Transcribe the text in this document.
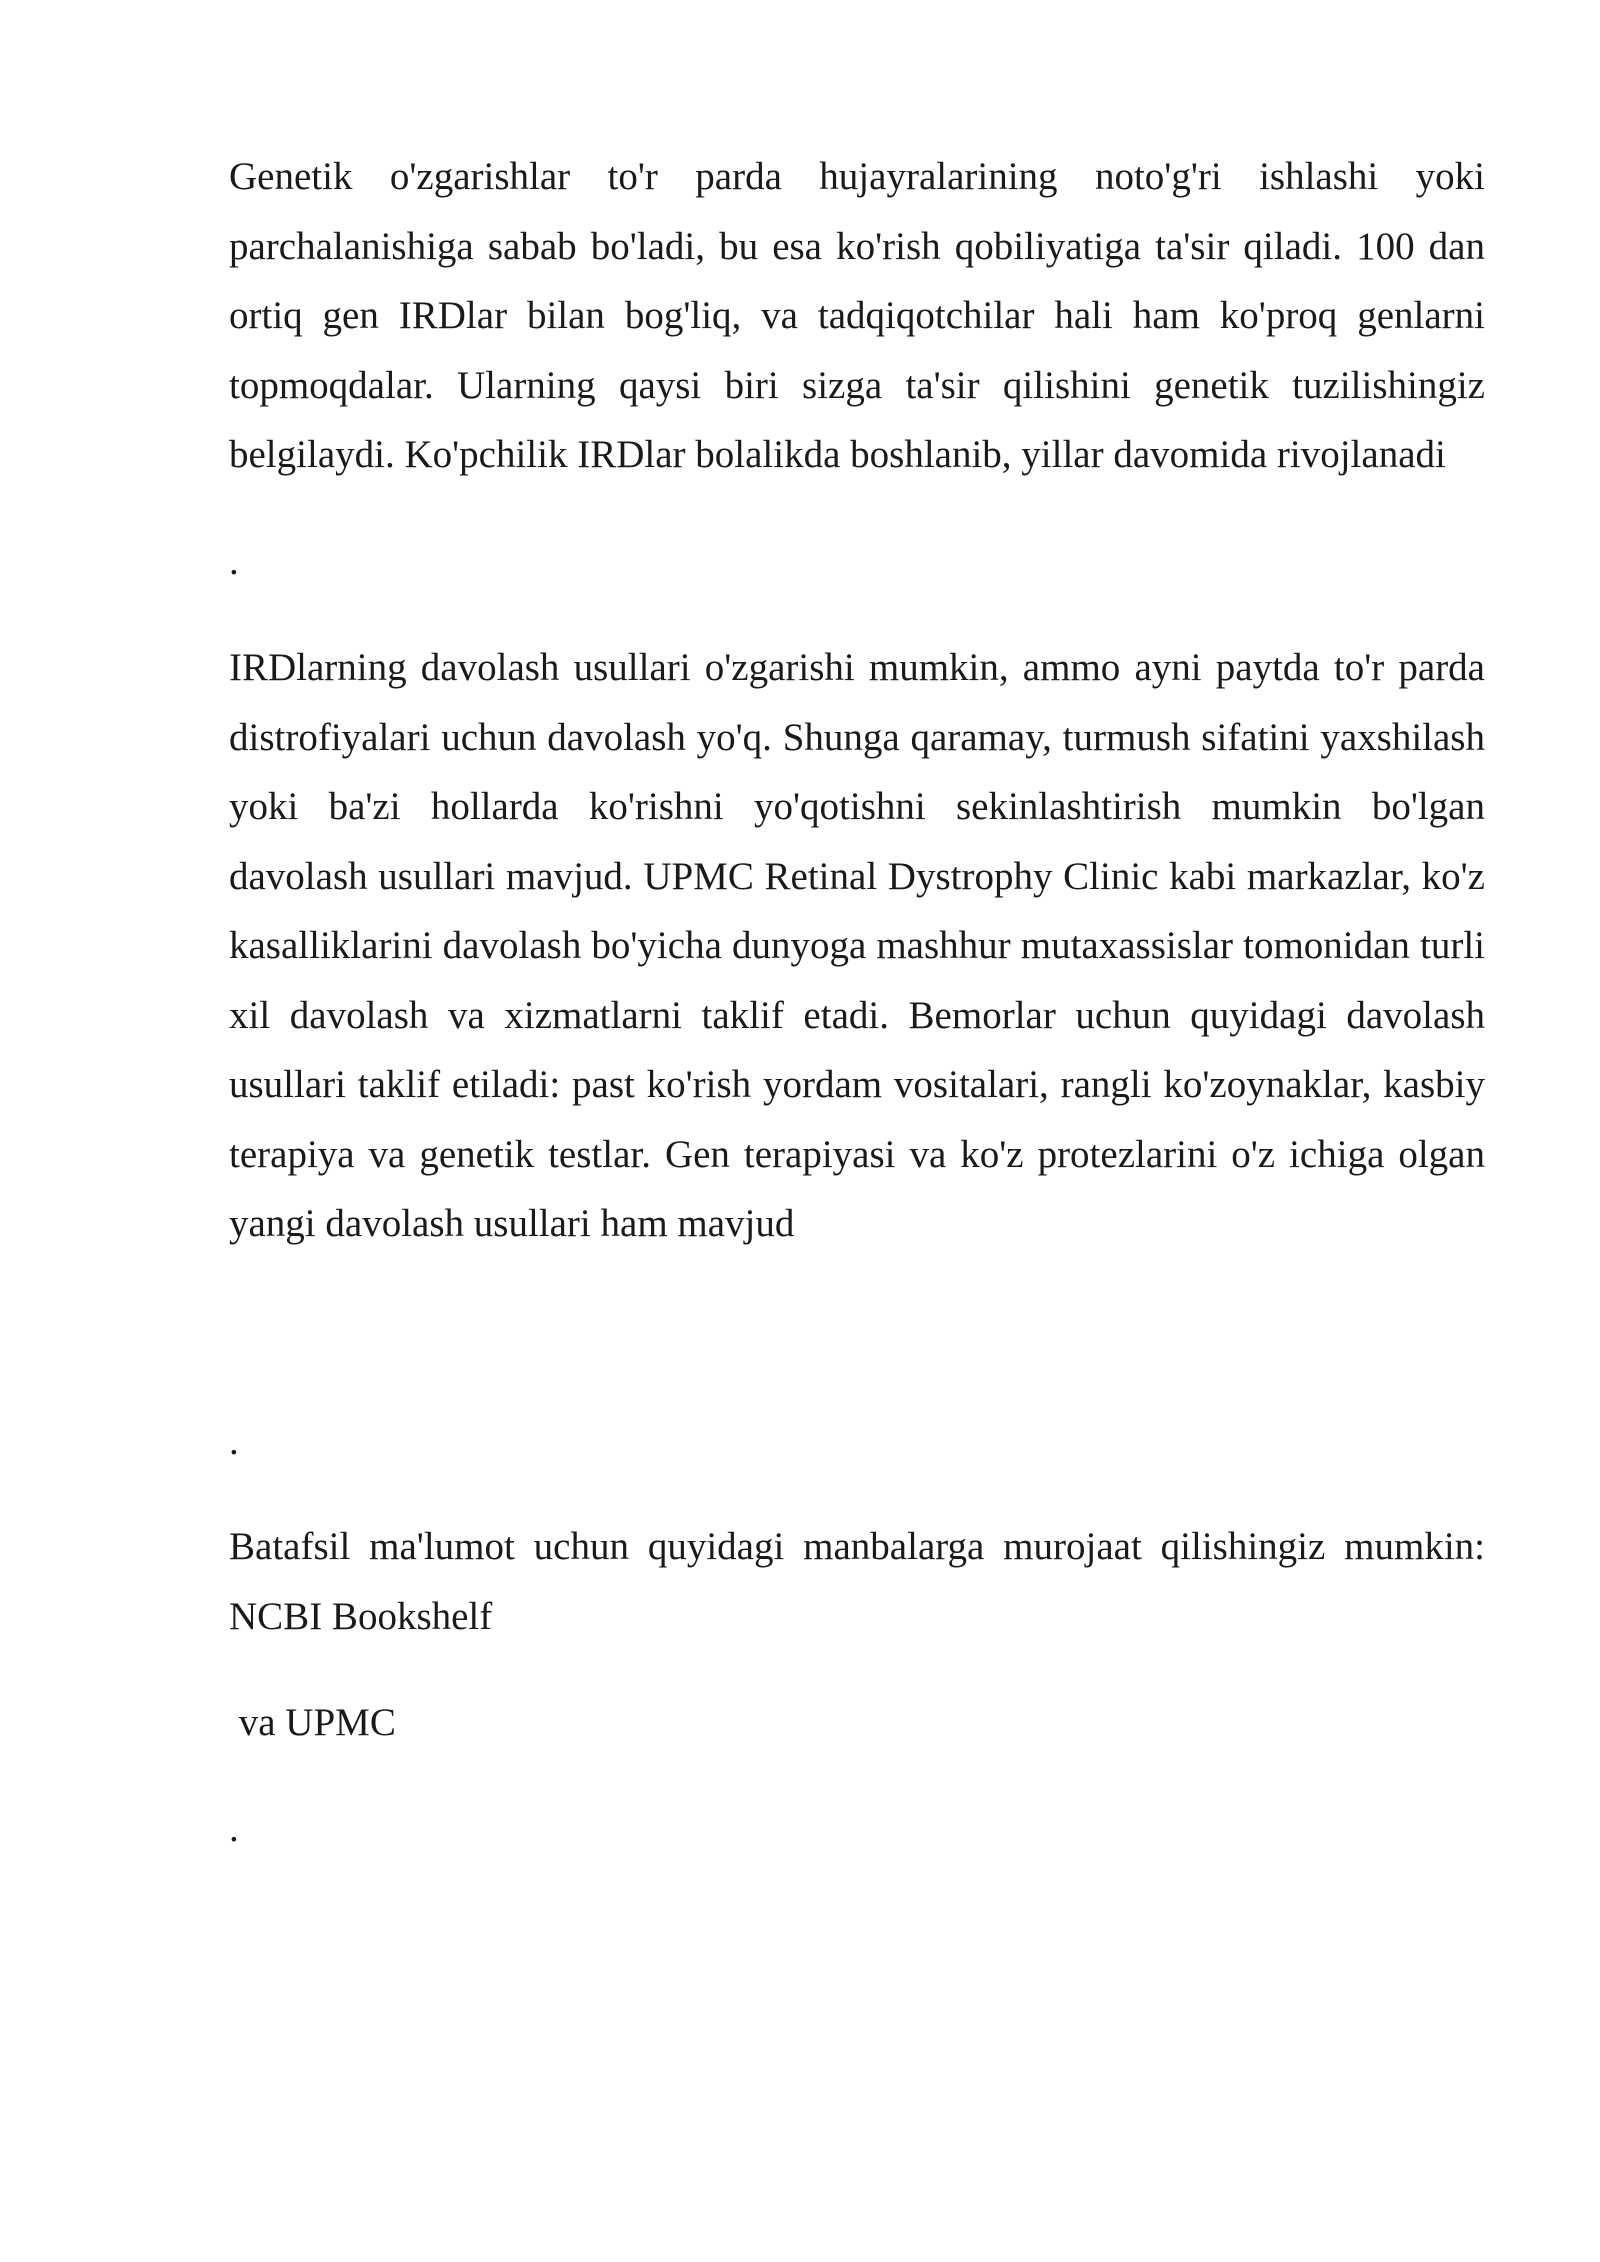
Genetik o'zgarishlar to'r parda hujayralarining noto'g'ri ishlashi yoki parchalanishiga sabab bo'ladi, bu esa ko'rish qobiliyatiga ta'sir qiladi. 100 dan ortiq gen IRDlar bilan bog'liq, va tadqiqotchilar hali ham ko'proq genlarni topmoqdalar. Ularning qaysi biri sizga ta'sir qilishini genetik tuzilishingiz belgilaydi. Ko'pchilik IRDlar bolalikda boshlanib, yillar davomida rivojlanadi

.

IRDlarning davolash usullari o'zgarishi mumkin, ammo ayni paytda to'r parda distrofiyalari uchun davolash yo'q. Shunga qaramay, turmush sifatini yaxshilash yoki ba'zi hollarda ko'rishni yo'qotishni sekinlashtirish mumkin bo'lgan davolash usullari mavjud. UPMC Retinal Dystrophy Clinic kabi markazlar, ko'z kasalliklarini davolash bo'yicha dunyoga mashhur mutaxassislar tomonidan turli xil davolash va xizmatlarni taklif etadi. Bemorlar uchun quyidagi davolash usullari taklif etiladi: past ko'rish yordam vositalari, rangli ko'zoynaklar, kasbiy terapiya va genetik testlar. Gen terapiyasi va ko'z protezlarini o'z ichiga olgan yangi davolash usullari ham mavjud

.

Batafsil ma'lumot uchun quyidagi manbalarga murojaat qilishingiz mumkin: NCBI Bookshelf

va UPMC

.
